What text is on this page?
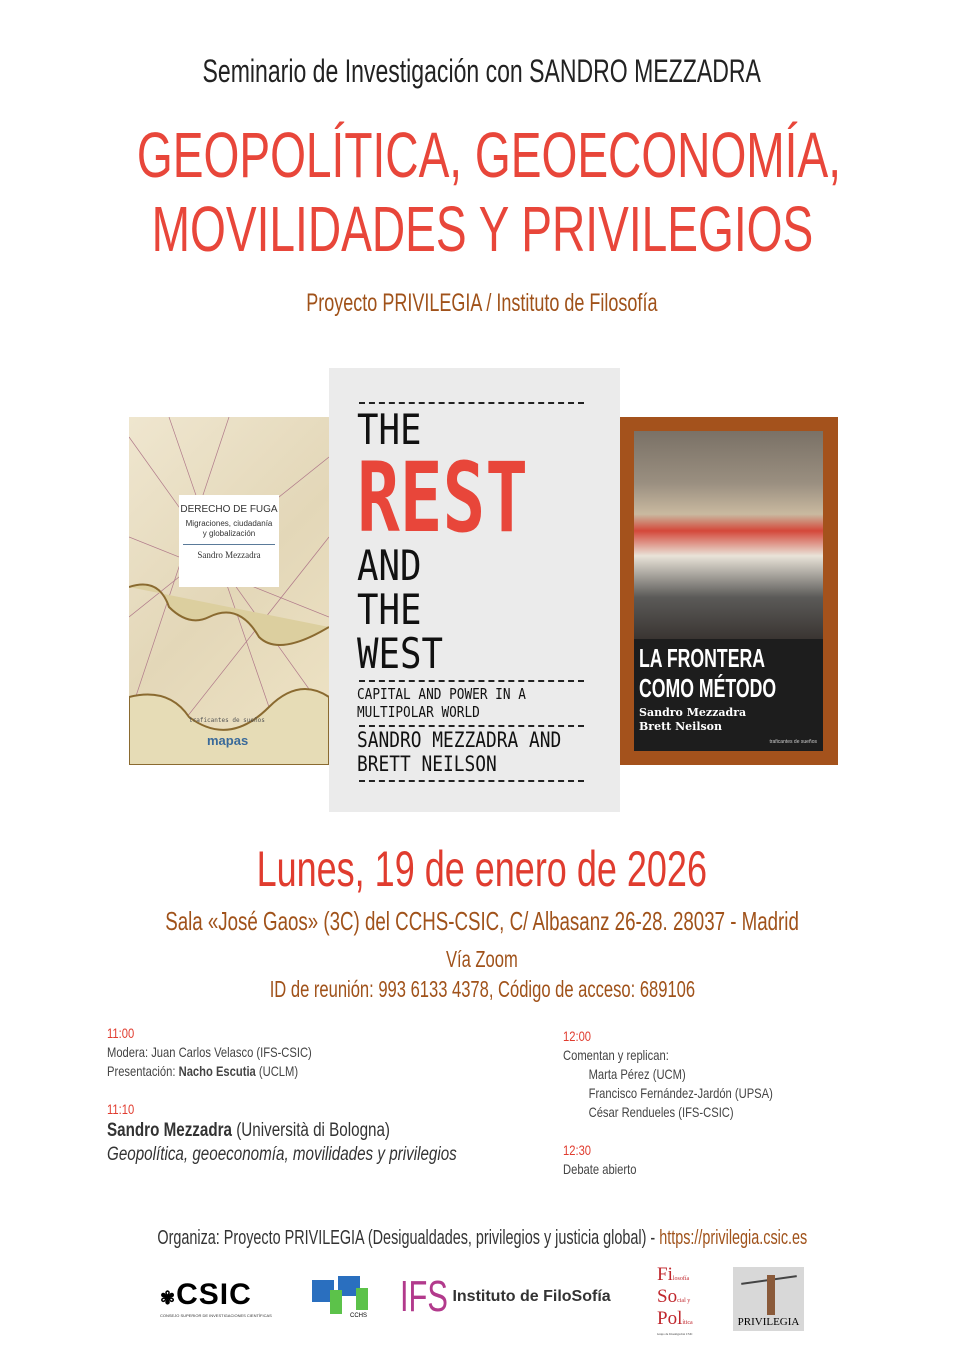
Seminario de Investigación con SANDRO MEZZADRA
GEOPOLÍTICA, GEOECONOMÍA,
MOVILIDADES Y PRIVILEGIOS
Proyecto PRIVILEGIA / Instituto de Filosofía
DERECHO DE FUGA
Migraciones, ciudadanía
y globalización
Sandro Mezzadra
traficantes de sueños
mapas
THE
REST
AND
THE
WEST
CAPITAL AND POWER IN A
MULTIPOLAR WORLD
SANDRO MEZZADRA AND
BRETT NEILSON
LA FRONTERA
COMO MÉTODO
Sandro Mezzadra
Brett Neilson
traficantes de sueños
Lunes, 19 de enero de 2026
Sala «José Gaos» (3C) del CCHS-CSIC, C/ Albasanz 26-28. 28037 - Madrid
Vía Zoom
ID de reunión: 993 6133 4378, Código de acceso: 689106
11:00
Modera: Juan Carlos Velasco (IFS-CSIC)
Presentación: Nacho Escutia (UCLM)
11:10
Sandro Mezzadra (Università di Bologna)
Geopolítica, geoeconomía, movilidades y privilegios
12:00
Comentan y replican:
Marta Pérez (UCM)
Francisco Fernández-Jardón (UPSA)
César Rendueles (IFS-CSIC)
12:30
Debate abierto
Organiza: Proyecto PRIVILEGIA (Desigualdades, privilegios y justicia global) - https://privilegia.csic.es
✾CSIC
CONSEJO SUPERIOR DE INVESTIGACIONES CIENTÍFICAS	CCHS IFS Instituto de FiloSofía
Filosofía
Social y
Política
Grupo de Investigación CSIC
PRIVILEGIA
